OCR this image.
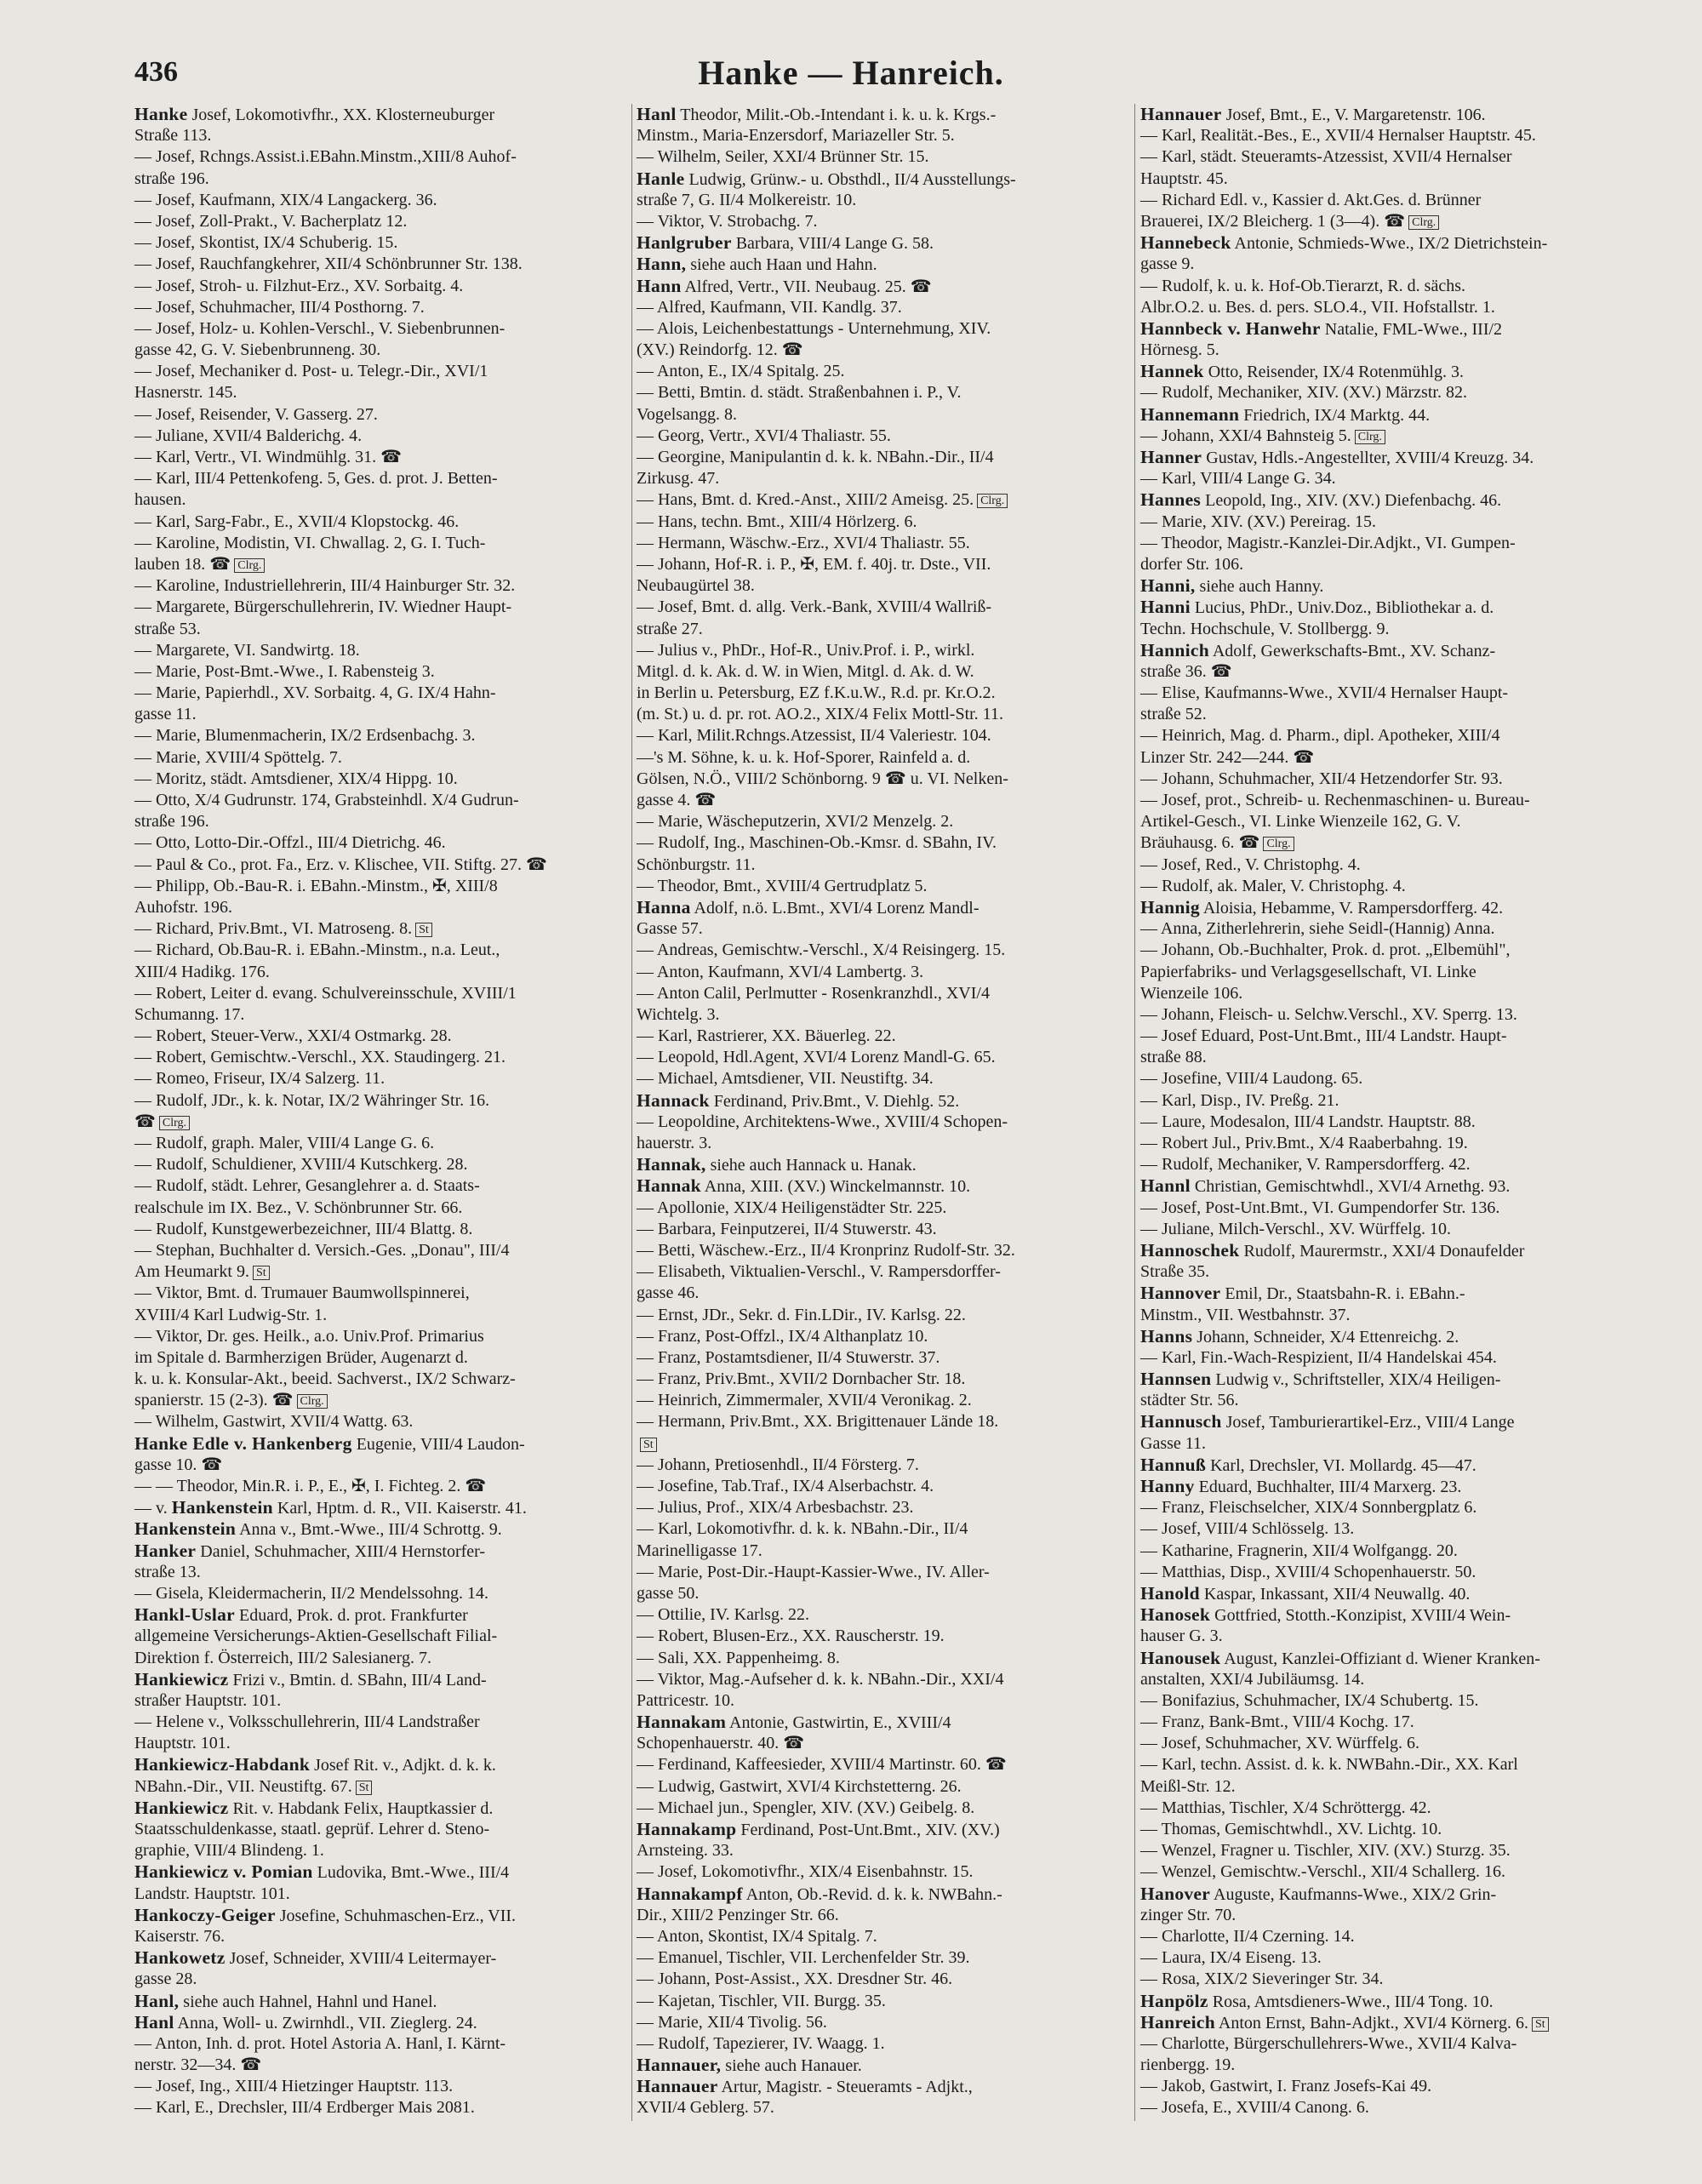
436	Hanke — Hanreich.
Hanke Josef, Lokomotivfhr., XX. Klosterneuburger
Straße 113.
— Josef, Rchngs.Assist.i.EBahn.Minstm.,XIII/8 Auhof-
straße 196.
— Josef, Kaufmann, XIX/4 Langackerg. 36.
— Josef, Zoll-Prakt., V. Bacherplatz 12.
— Josef, Skontist, IX/4 Schuberig. 15.
— Josef, Rauchfangkehrer, XII/4 Schönbrunner Str. 138.
— Josef, Stroh- u. Filzhut-Erz., XV. Sorbaitg. 4.
— Josef, Schuhmacher, III/4 Posthorng. 7.
— Josef, Holz- u. Kohlen-Verschl., V. Siebenbrunnen-
gasse 42, G. V. Siebenbrunneng. 30.
— Josef, Mechaniker d. Post- u. Telegr.-Dir., XVI/1
Hasnerstr. 145.
— Josef, Reisender, V. Gasserg. 27.
— Juliane, XVII/4 Balderichg. 4.
— Karl, Vertr., VI. Windmühlg. 31. ☎
— Karl, III/4 Pettenkofeng. 5, Ges. d. prot. J. Betten-
hausen.
— Karl, Sarg-Fabr., E., XVII/4 Klopstockg. 46.
— Karoline, Modistin, VI. Chwallag. 2, G. I. Tuch-
lauben 18. ☎ Clrg.
— Karoline, Industriellehrerin, III/4 Hainburger Str. 32.
— Margarete, Bürgerschullehrerin, IV. Wiedner Haupt-
straße 53.
— Margarete, VI. Sandwirtg. 18.
— Marie, Post-Bmt.-Wwe., I. Rabensteig 3.
— Marie, Papierhdl., XV. Sorbaitg. 4, G. IX/4 Hahn-
gasse 11.
— Marie, Blumenmacherin, IX/2 Erdsenbachg. 3.
— Marie, XVIII/4 Spöttelg. 7.
— Moritz, städt. Amtsdiener, XIX/4 Hippg. 10.
— Otto, X/4 Gudrunstr. 174, Grabsteinhdl. X/4 Gudrun-
straße 196.
— Otto, Lotto-Dir.-Offzl., III/4 Dietrichg. 46.
— Paul & Co., prot. Fa., Erz. v. Klischee, VII. Stiftg. 27. ☎
— Philipp, Ob.-Bau-R. i. EBahn.-Minstm., ✠, XIII/8
Auhofstr. 196.
— Richard, Priv.Bmt., VI. Matroseng. 8. St
— Richard, Ob.Bau-R. i. EBahn.-Minstm., n.a. Leut.,
XIII/4 Hadikg. 176.
— Robert, Leiter d. evang. Schulvereinsschule, XVIII/1
Schumanng. 17.
— Robert, Steuer-Verw., XXI/4 Ostmarkg. 28.
— Robert, Gemischtw.-Verschl., XX. Staudingerg. 21.
— Romeo, Friseur, IX/4 Salzerg. 11.
— Rudolf, JDr., k. k. Notar, IX/2 Währinger Str. 16.
☎ Clrg.
— Rudolf, graph. Maler, VIII/4 Lange G. 6.
— Rudolf, Schuldiener, XVIII/4 Kutschkerg. 28.
— Rudolf, städt. Lehrer, Gesanglehrer a. d. Staats-
realschule im IX. Bez., V. Schönbrunner Str. 66.
— Rudolf, Kunstgewerbezeichner, III/4 Blattg. 8.
— Stephan, Buchhalter d. Versich.-Ges. „Donau", III/4
Am Heumarkt 9. St
— Viktor, Bmt. d. Trumauer Baumwollspinnerei,
XVIII/4 Karl Ludwig-Str. 1.
— Viktor, Dr. ges. Heilk., a.o. Univ.Prof. Primarius
im Spitale d. Barmherzigen Brüder, Augenarzt d.
k. u. k. Konsular-Akt., beeid. Sachverst., IX/2 Schwarz-
spanierstr. 15 (2-3). ☎ Clrg.
— Wilhelm, Gastwirt, XVII/4 Wattg. 63.
Hanke Edle v. Hankenberg Eugenie, VIII/4 Laudon-
gasse 10. ☎
— — Theodor, Min.R. i. P., E., ✠, I. Fichteg. 2. ☎
— v. Hankenstein Karl, Hptm. d. R., VII. Kaiserstr. 41.
Hankenstein Anna v., Bmt.-Wwe., III/4 Schrottg. 9.
Hanker Daniel, Schuhmacher, XIII/4 Hernstorfer-
straße 13.
— Gisela, Kleidermacherin, II/2 Mendelssohng. 14.
Hankl-Uslar Eduard, Prok. d. prot. Frankfurter
allgemeine Versicherungs-Aktien-Gesellschaft Filial-
Direktion f. Österreich, III/2 Salesianerg. 7.
Hankiewicz Frizi v., Bmtin. d. SBahn, III/4 Land-
straßer Hauptstr. 101.
— Helene v., Volksschullehrerin, III/4 Landstraßer
Hauptstr. 101.
Hankiewicz-Habdank Josef Rit. v., Adjkt. d. k. k.
NBahn.-Dir., VII. Neustiftg. 67. St
Hankiewicz Rit. v. Habdank Felix, Hauptkassier d.
Staatsschuldenkasse, staatl. geprüf. Lehrer d. Steno-
graphie, VIII/4 Blindeng. 1.
Hankiewicz v. Pomian Ludovika, Bmt.-Wwe., III/4
Landstr. Hauptstr. 101.
Hankoczy-Geiger Josefine, Schuhmaschen-Erz., VII.
Kaiserstr. 76.
Hankowetz Josef, Schneider, XVIII/4 Leitermayer-
gasse 28.
Hanl, siehe auch Hahnel, Hahnl und Hanel.
Hanl Anna, Woll- u. Zwirnhdl., VII. Zieglerg. 24.
— Anton, Inh. d. prot. Hotel Astoria A. Hanl, I. Kärnt-
nerstr. 32—34. ☎
— Josef, Ing., XIII/4 Hietzinger Hauptstr. 113.
— Karl, E., Drechsler, III/4 Erdberger Mais 2081.
Hanl Theodor, Milit.-Ob.-Intendant i. k. u. k. Krgs.-
Minstm., Maria-Enzersdorf, Mariazeller Str. 5.
— Wilhelm, Seiler, XXI/4 Brünner Str. 15.
Hanle Ludwig, Grünw.- u. Obsthdl., II/4 Ausstellungs-
straße 7, G. II/4 Molkereistr. 10.
— Viktor, V. Strobachg. 7.
Hanlgruber Barbara, VIII/4 Lange G. 58.
Hann, siehe auch Haan und Hahn.
Hann Alfred, Vertr., VII. Neubaug. 25. ☎
— Alfred, Kaufmann, VII. Kandlg. 37.
— Alois, Leichenbestattungs - Unternehmung, XIV.
(XV.) Reindorfg. 12. ☎
— Anton, E., IX/4 Spitalg. 25.
— Betti, Bmtin. d. städt. Straßenbahnen i. P., V.
Vogelsangg. 8.
— Georg, Vertr., XVI/4 Thaliastr. 55.
— Georgine, Manipulantin d. k. k. NBahn.-Dir., II/4
Zirkusg. 47.
— Hans, Bmt. d. Kred.-Anst., XIII/2 Ameisg. 25. Clrg.
— Hans, techn. Bmt., XIII/4 Hörlzerg. 6.
— Hermann, Wäschw.-Erz., XVI/4 Thaliastr. 55.
— Johann, Hof-R. i. P., ✠, EM. f. 40j. tr. Dste., VII.
Neubaugürtel 38.
— Josef, Bmt. d. allg. Verk.-Bank, XVIII/4 Wallriß-
straße 27.
— Julius v., PhDr., Hof-R., Univ.Prof. i. P., wirkl.
Mitgl. d. k. Ak. d. W. in Wien, Mitgl. d. Ak. d. W.
in Berlin u. Petersburg, EZ f.K.u.W., R.d. pr. Kr.O.2.
(m. St.) u. d. pr. rot. AO.2., XIX/4 Felix Mottl-Str. 11.
— Karl, Milit.Rchngs.Atzessist, II/4 Valeriestr. 104.
—'s M. Söhne, k. u. k. Hof-Sporer, Rainfeld a. d.
Gölsen, N.Ö., VIII/2 Schönborng. 9 ☎ u. VI. Nelken-
gasse 4. ☎
— Marie, Wäscheputzerin, XVI/2 Menzelg. 2.
— Rudolf, Ing., Maschinen-Ob.-Kmsr. d. SBahn, IV.
Schönburgstr. 11.
— Theodor, Bmt., XVIII/4 Gertrudplatz 5.
Hanna Adolf, n.ö. L.Bmt., XVI/4 Lorenz Mandl-
Gasse 57.
— Andreas, Gemischtw.-Verschl., X/4 Reisingerg. 15.
— Anton, Kaufmann, XVI/4 Lambertg. 3.
— Anton Calil, Perlmutter - Rosenkranzhdl., XVI/4
Wichtelg. 3.
— Karl, Rastrierer, XX. Bäuerleg. 22.
— Leopold, Hdl.Agent, XVI/4 Lorenz Mandl-G. 65.
— Michael, Amtsdiener, VII. Neustiftg. 34.
Hannack Ferdinand, Priv.Bmt., V. Diehlg. 52.
— Leopoldine, Architektens-Wwe., XVIII/4 Schopen-
hauerstr. 3.
Hannak, siehe auch Hannack u. Hanak.
Hannak Anna, XIII. (XV.) Winckelmannstr. 10.
— Apollonie, XIX/4 Heiligenstädter Str. 225.
— Barbara, Feinputzerei, II/4 Stuwerstr. 43.
— Betti, Wäschew.-Erz., II/4 Kronprinz Rudolf-Str. 32.
— Elisabeth, Viktualien-Verschl., V. Rampersdorffer-
gasse 46.
— Ernst, JDr., Sekr. d. Fin.LDir., IV. Karlsg. 22.
— Franz, Post-Offzl., IX/4 Althanplatz 10.
— Franz, Postamtsdiener, II/4 Stuwerstr. 37.
— Franz, Priv.Bmt., XVII/2 Dornbacher Str. 18.
— Heinrich, Zimmermaler, XVII/4 Veronikag. 2.
— Hermann, Priv.Bmt., XX. Brigittenauer Lände 18.
St
— Johann, Pretiosenhdl., II/4 Försterg. 7.
— Josefine, Tab.Traf., IX/4 Alserbachstr. 4.
— Julius, Prof., XIX/4 Arbesbachstr. 23.
— Karl, Lokomotivfhr. d. k. k. NBahn.-Dir., II/4
Marinelligasse 17.
— Marie, Post-Dir.-Haupt-Kassier-Wwe., IV. Aller-
gasse 50.
— Ottilie, IV. Karlsg. 22.
— Robert, Blusen-Erz., XX. Rauscherstr. 19.
— Sali, XX. Pappenheimg. 8.
— Viktor, Mag.-Aufseher d. k. k. NBahn.-Dir., XXI/4
Pattricestr. 10.
Hannakam Antonie, Gastwirtin, E., XVIII/4
Schopenhauerstr. 40. ☎
— Ferdinand, Kaffeesieder, XVIII/4 Martinstr. 60. ☎
— Ludwig, Gastwirt, XVI/4 Kirchstetterng. 26.
— Michael jun., Spengler, XIV. (XV.) Geibelg. 8.
Hannakamp Ferdinand, Post-Unt.Bmt., XIV. (XV.)
Arnsteing. 33.
— Josef, Lokomotivfhr., XIX/4 Eisenbahnstr. 15.
Hannakampf Anton, Ob.-Revid. d. k. k. NWBahn.-
Dir., XIII/2 Penzinger Str. 66.
— Anton, Skontist, IX/4 Spitalg. 7.
— Emanuel, Tischler, VII. Lerchenfelder Str. 39.
— Johann, Post-Assist., XX. Dresdner Str. 46.
— Kajetan, Tischler, VII. Burgg. 35.
— Marie, XII/4 Tivolig. 56.
— Rudolf, Tapezierer, IV. Waagg. 1.
Hannauer, siehe auch Hanauer.
Hannauer Artur, Magistr. - Steueramts - Adjkt.,
XVII/4 Geblerg. 57.
Hannauer Josef, Bmt., E., V. Margaretenstr. 106.
— Karl, Realität.-Bes., E., XVII/4 Hernalser Hauptstr. 45.
— Karl, städt. Steueramts-Atzessist, XVII/4 Hernalser
Hauptstr. 45.
— Richard Edl. v., Kassier d. Akt.Ges. d. Brünner
Brauerei, IX/2 Bleicherg. 1 (3—4). ☎ Clrg.
Hannebeck Antonie, Schmieds-Wwe., IX/2 Dietrichstein-
gasse 9.
— Rudolf, k. u. k. Hof-Ob.Tierarzt, R. d. sächs.
Albr.O.2. u. Bes. d. pers. SLO.4., VII. Hofstallstr. 1.
Hannbeck v. Hanwehr Natalie, FML-Wwe., III/2
Hörnesg. 5.
Hannek Otto, Reisender, IX/4 Rotenmühlg. 3.
— Rudolf, Mechaniker, XIV. (XV.) Märzstr. 82.
Hannemann Friedrich, IX/4 Marktg. 44.
— Johann, XXI/4 Bahnsteig 5. Clrg.
Hanner Gustav, Hdls.-Angestellter, XVIII/4 Kreuzg. 34.
— Karl, VIII/4 Lange G. 34.
Hannes Leopold, Ing., XIV. (XV.) Diefenbachg. 46.
— Marie, XIV. (XV.) Pereirag. 15.
— Theodor, Magistr.-Kanzlei-Dir.Adjkt., VI. Gumpen-
dorfer Str. 106.
Hanni, siehe auch Hanny.
Hanni Lucius, PhDr., Univ.Doz., Bibliothekar a. d.
Techn. Hochschule, V. Stollbergg. 9.
Hannich Adolf, Gewerkschafts-Bmt., XV. Schanz-
straße 36. ☎
— Elise, Kaufmanns-Wwe., XVII/4 Hernalser Haupt-
straße 52.
— Heinrich, Mag. d. Pharm., dipl. Apotheker, XIII/4
Linzer Str. 242—244. ☎
— Johann, Schuhmacher, XII/4 Hetzendorfer Str. 93.
— Josef, prot., Schreib- u. Rechenmaschinen- u. Bureau-
Artikel-Gesch., VI. Linke Wienzeile 162, G. V.
Bräuhausg. 6. ☎ Clrg.
— Josef, Red., V. Christophg. 4.
— Rudolf, ak. Maler, V. Christophg. 4.
Hannig Aloisia, Hebamme, V. Rampersdorfferg. 42.
— Anna, Zitherlehrerin, siehe Seidl-(Hannig) Anna.
— Johann, Ob.-Buchhalter, Prok. d. prot. „Elbemühl",
Papierfabriks- und Verlagsgesellschaft, VI. Linke
Wienzeile 106.
— Johann, Fleisch- u. Selchw.Verschl., XV. Sperrg. 13.
— Josef Eduard, Post-Unt.Bmt., III/4 Landstr. Haupt-
straße 88.
— Josefine, VIII/4 Laudong. 65.
— Karl, Disp., IV. Preßg. 21.
— Laure, Modesalon, III/4 Landstr. Hauptstr. 88.
— Robert Jul., Priv.Bmt., X/4 Raaberbahng. 19.
— Rudolf, Mechaniker, V. Rampersdorfferg. 42.
Hannl Christian, Gemischtwhdl., XVI/4 Arnethg. 93.
— Josef, Post-Unt.Bmt., VI. Gumpendorfer Str. 136.
— Juliane, Milch-Verschl., XV. Würffelg. 10.
Hannoschek Rudolf, Maurermstr., XXI/4 Donaufelder
Straße 35.
Hannover Emil, Dr., Staatsbahn-R. i. EBahn.-
Minstm., VII. Westbahnstr. 37.
Hanns Johann, Schneider, X/4 Ettenreichg. 2.
— Karl, Fin.-Wach-Respizient, II/4 Handelskai 454.
Hannsen Ludwig v., Schriftsteller, XIX/4 Heiligen-
städter Str. 56.
Hannusch Josef, Tamburierartikel-Erz., VIII/4 Lange
Gasse 11.
Hannuß Karl, Drechsler, VI. Mollardg. 45—47.
Hanny Eduard, Buchhalter, III/4 Marxerg. 23.
— Franz, Fleischselcher, XIX/4 Sonnbergplatz 6.
— Josef, VIII/4 Schlösselg. 13.
— Katharine, Fragnerin, XII/4 Wolfgangg. 20.
— Matthias, Disp., XVIII/4 Schopenhauerstr. 50.
Hanold Kaspar, Inkassant, XII/4 Neuwallg. 40.
Hanosek Gottfried, Stotth.-Konzipist, XVIII/4 Wein-
hauser G. 3.
Hanousek August, Kanzlei-Offiziant d. Wiener Kranken-
anstalten, XXI/4 Jubiläumsg. 14.
— Bonifazius, Schuhmacher, IX/4 Schubertg. 15.
— Franz, Bank-Bmt., VIII/4 Kochg. 17.
— Josef, Schuhmacher, XV. Würffelg. 6.
— Karl, techn. Assist. d. k. k. NWBahn.-Dir., XX. Karl
Meißl-Str. 12.
— Matthias, Tischler, X/4 Schröttergg. 42.
— Thomas, Gemischtwhdl., XV. Lichtg. 10.
— Wenzel, Fragner u. Tischler, XIV. (XV.) Sturzg. 35.
— Wenzel, Gemischtw.-Verschl., XII/4 Schallerg. 16.
Hanover Auguste, Kaufmanns-Wwe., XIX/2 Grin-
zinger Str. 70.
— Charlotte, II/4 Czerning. 14.
— Laura, IX/4 Eiseng. 13.
— Rosa, XIX/2 Sieveringer Str. 34.
Hanpölz Rosa, Amtsdieners-Wwe., III/4 Tong. 10.
Hanreich Anton Ernst, Bahn-Adjkt., XVI/4 Körnerg. 6. St
— Charlotte, Bürgerschullehrers-Wwe., XVII/4 Kalva-
rienbergg. 19.
— Jakob, Gastwirt, I. Franz Josefs-Kai 49.
— Josefa, E., XVIII/4 Canong. 6.
